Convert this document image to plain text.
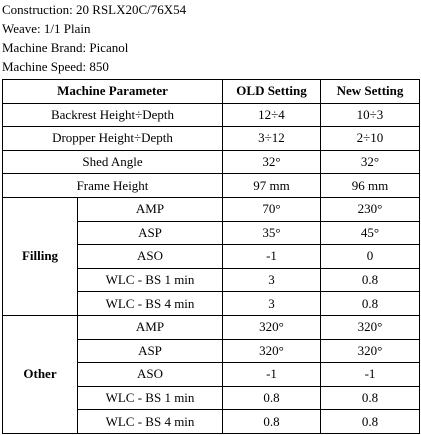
Construction: 20 RSLX20C/76X54
Weave: 1/1 Plain
Machine Brand: Picanol
Machine Speed: 850
Machine Parameter		OLD Setting	New Setting
Backrest Height÷Depth		12÷4	10÷3
Dropper Height÷Depth		3÷12	2÷10
Shed Angle		32°	32°
Frame Height		97 mm	96 mm
Filling	AMP	70°	230°
	ASP	35°	45°
	ASO	-1	0
	WLC - BS 1 min	3	0.8
	WLC - BS 4 min	3	0.8
Other	AMP	320°	320°
	ASP	320°	320°
	ASO	-1	-1
	WLC - BS 1 min	0.8	0.8
	WLC - BS 4 min	0.8	0.8
